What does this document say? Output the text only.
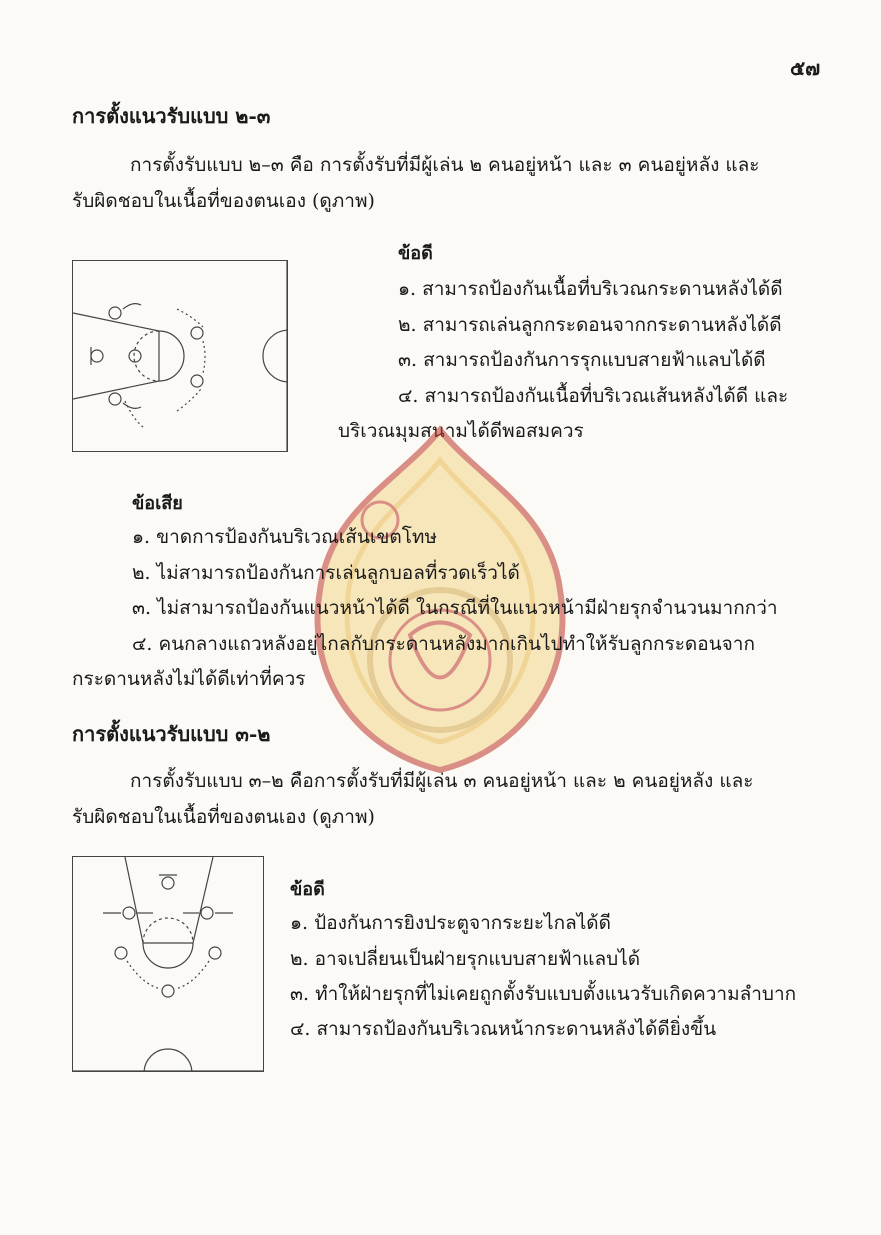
๕๗
การตั้งแนวรับแบบ ๒-๓
การตั้งรับแบบ ๒–๓ คือ การตั้งรับที่มีผู้เล่น ๒ คนอยู่หน้า และ ๓ คนอยู่หลัง และ
รับผิดชอบในเนื้อที่ของตนเอง (ดูภาพ)
ข้อดี
๑. สามารถป้องกันเนื้อที่บริเวณกระดานหลังได้ดี
๒. สามารถเล่นลูกกระดอนจากกระดานหลังได้ดี
๓. สามารถป้องกันการรุกแบบสายฟ้าแลบได้ดี
๔. สามารถป้องกันเนื้อที่บริเวณเส้นหลังได้ดี และ
บริเวณมุมสนามได้ดีพอสมควร
ข้อเสีย
๑. ขาดการป้องกันบริเวณเส้นเขตโทษ
๒. ไม่สามารถป้องกันการเล่นลูกบอลที่รวดเร็วได้
๓. ไม่สามารถป้องกันแนวหน้าได้ดี ในกรณีที่ในแนวหน้ามีฝ่ายรุกจำนวนมากกว่า
๔. คนกลางแถวหลังอยู่ไกลกับกระดานหลังมากเกินไปทำให้รับลูกกระดอนจาก
กระดานหลังไม่ได้ดีเท่าที่ควร
การตั้งแนวรับแบบ ๓-๒
การตั้งรับแบบ ๓–๒ คือการตั้งรับที่มีผู้เล่น ๓ คนอยู่หน้า และ ๒ คนอยู่หลัง และ
รับผิดชอบในเนื้อที่ของตนเอง (ดูภาพ)
ข้อดี
๑. ป้องกันการยิงประตูจากระยะไกลได้ดี
๒. อาจเปลี่ยนเป็นฝ่ายรุกแบบสายฟ้าแลบได้
๓. ทำให้ฝ่ายรุกที่ไม่เคยถูกตั้งรับแบบตั้งแนวรับเกิดความลำบาก
๔. สามารถป้องกันบริเวณหน้ากระดานหลังได้ดียิ่งขึ้น
